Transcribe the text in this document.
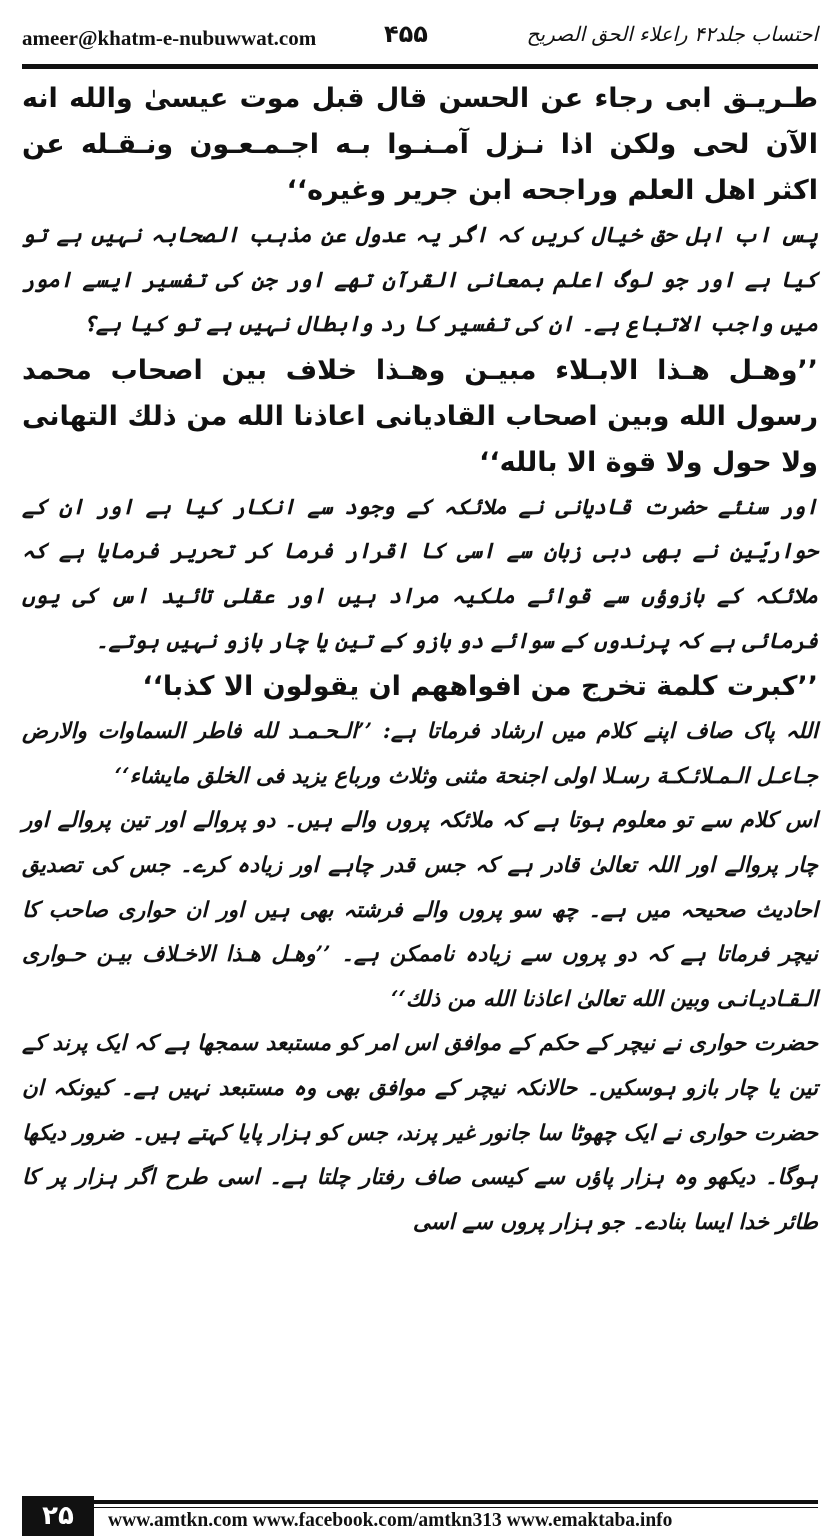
ameer@khatm-e-nubuwwat.com	۴۵۵	احتساب جلد۴۲ راعلاء الحق الصریح

طـريـق ابى رجاء عن الحسن قال قبل موت عيسىٰ والله انه الآن لحى ولكن اذا نـزل آمـنـوا بـه اجـمـعـون ونـقـله عن اكثر اهل العلم وراجحه ابن جرير وغيره‘‘

پس اب اہل حق خیال کریں کہ اگر یہ عدول عن مذہب الصحابہ نہیں ہے تو کیا ہے اور جو لوگ اعلم بمعانی القرآن تھے اور جن کی تفسیر ایسے امور میں واجب الاتباع ہے۔ ان کی تفسیر کا رد وابطال نہیں ہے تو کیا ہے؟

’’وهـل هـذا الابـلاء مبيـن وهـذا خلاف بين اصحاب محمد رسول الله وبين اصحاب القاديانى اعاذنا الله من ذلك التهانى ولا حول ولا قوة الا بالله‘‘

اور سنئے حضرت قادیانی نے ملائکہ کے وجود سے انکار کیا ہے اور ان کے حواریّین نے بھی دبی زبان سے اسی کا اقرار فرما کر تحریر فرمایا ہے کہ ملائکہ کے بازوؤں سے قوائے ملکیہ مراد ہیں اور عقلی تائید اس کی یوں فرمائی ہے کہ پرندوں کے سوائے دو بازو کے تین یا چار بازو نہیں ہوتے۔

’’كبرت كلمة تخرج من افواههم ان يقولون الا كذبا‘‘

اللہ پاک صاف اپنے کلام میں ارشاد فرماتا ہے: ’’الـحـمـد لله فاطر السماوات والارض جـاعـل الـمـلائـكـة رسـلا اولى اجنحة مثنى وثلاث ورباع يزيد فى الخلق مايشاء‘‘

اس کلام سے تو معلوم ہوتا ہے کہ ملائکہ پروں والے ہیں۔ دو پروالے اور تین پروالے اور چار پروالے اور اللہ تعالیٰ قادر ہے کہ جس قدر چاہے اور زیادہ کرے۔ جس کی تصدیق احادیث صحیحہ میں ہے۔ چھ سو پروں والے فرشتہ بھی ہیں اور ان حواری صاحب کا نیچر فرماتا ہے کہ دو پروں سے زیادہ ناممکن ہے۔ ’’وهـل هـذا الاخـلاف بيـن حـوارى الـقـاديـانـى وبين الله تعالىٰ اعاذنا الله من ذلك‘‘

حضرت حواری نے نیچر کے حکم کے موافق اس امر کو مستبعد سمجھا ہے کہ ایک پرند کے تین یا چار بازو ہوسکیں۔ حالانکہ نیچر کے موافق بھی وہ مستبعد نہیں ہے۔ کیونکہ ان حضرت حواری نے ایک چھوٹا سا جانور غیر پرند، جس کو ہزار پایا کہتے ہیں۔ ضرور دیکھا ہوگا۔ دیکھو وہ ہزار پاؤں سے کیسی صاف رفتار چلتا ہے۔ اسی طرح اگر ہزار پر کا طائر خدا ایسا بنادے۔ جو ہزار پروں سے اسی

۲۵	www.amtkn.com www.facebook.com/amtkn313 www.emaktaba.info
